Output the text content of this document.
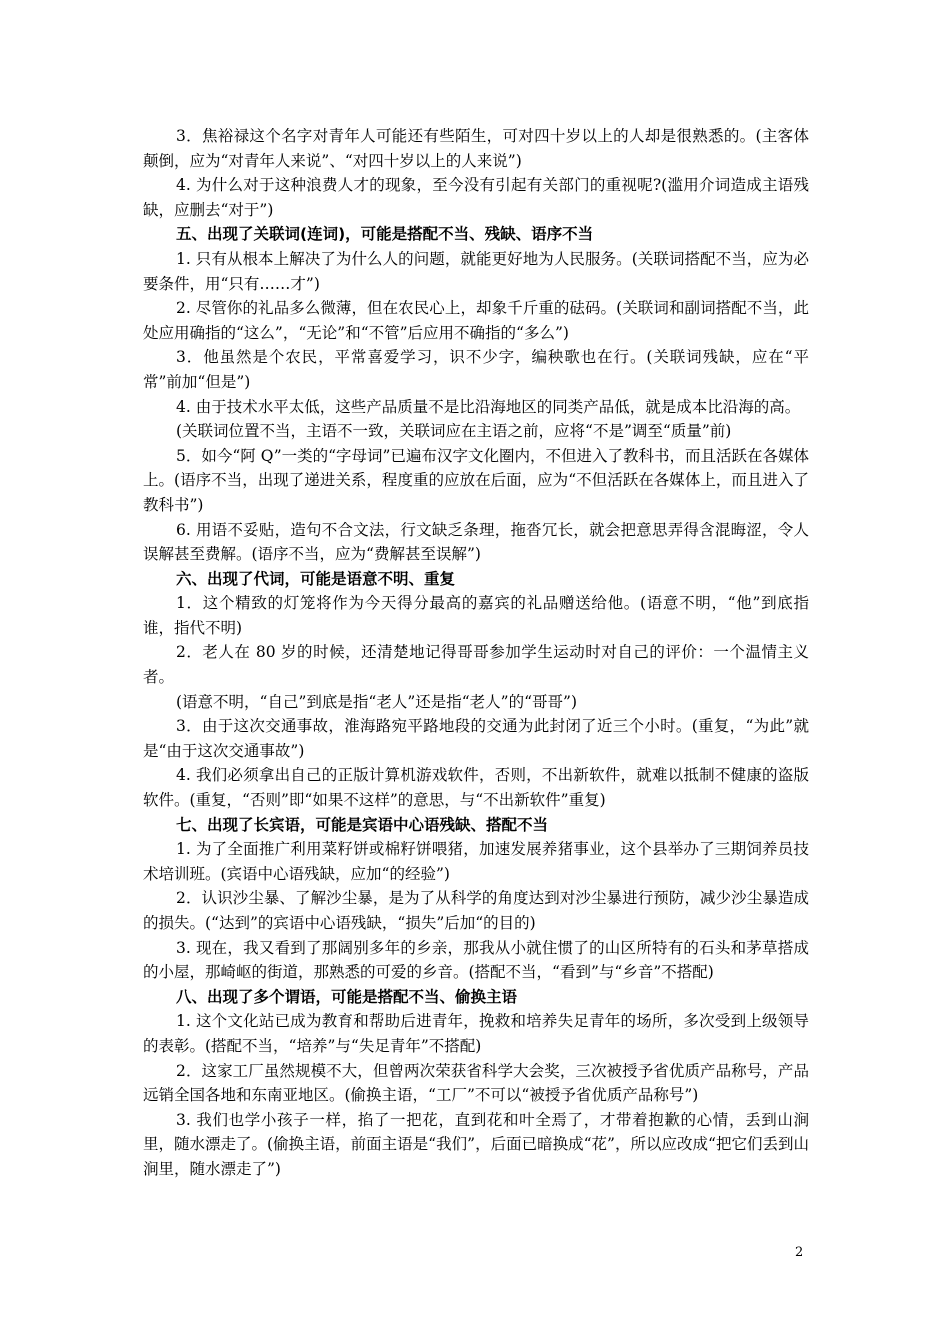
3．焦裕禄这个名字对青年人可能还有些陌生，可对四十岁以上的人却是很熟悉的。(主客体颠倒，应为“对青年人来说”、“对四十岁以上的人来说”)

4. 为什么对于这种浪费人才的现象，至今没有引起有关部门的重视呢?(滥用介词造成主语残缺，应删去“对于”)

五、出现了关联词(连词)，可能是搭配不当、残缺、语序不当

1. 只有从根本上解决了为什么人的问题，就能更好地为人民服务。(关联词搭配不当，应为必要条件，用“只有……才”)

2. 尽管你的礼品多么微薄，但在农民心上，却象千斤重的砝码。(关联词和副词搭配不当，此处应用确指的“这么”，“无论”和“不管”后应用不确指的“多么”)

3．他虽然是个农民，平常喜爱学习，识不少字，编秧歌也在行。(关联词残缺，应在“平常”前加“但是”)

4. 由于技术水平太低，这些产品质量不是比沿海地区的同类产品低，就是成本比沿海的高。

(关联词位置不当，主语不一致，关联词应在主语之前，应将“不是”调至“质量”前)

5．如今“阿 Q”一类的“字母词”已遍布汉字文化圈内，不但进入了教科书，而且活跃在各媒体上。(语序不当，出现了递进关系，程度重的应放在后面，应为“不但活跃在各媒体上，而且进入了教科书”)

6. 用语不妥贴，造句不合文法，行文缺乏条理，拖沓冗长，就会把意思弄得含混晦涩，令人误解甚至费解。(语序不当，应为“费解甚至误解”)

六、出现了代词，可能是语意不明、重复

1．这个精致的灯笼将作为今天得分最高的嘉宾的礼品赠送给他。(语意不明，“他”到底指谁，指代不明)

2．老人在 80 岁的时候，还清楚地记得哥哥参加学生运动时对自己的评价：一个温情主义者。

(语意不明，“自己”到底是指“老人”还是指“老人”的“哥哥”)

3．由于这次交通事故，淮海路宛平路地段的交通为此封闭了近三个小时。(重复，“为此”就是“由于这次交通事故”)

4. 我们必须拿出自己的正版计算机游戏软件，否则，不出新软件，就难以抵制不健康的盗版软件。(重复，“否则”即“如果不这样”的意思，与“不出新软件”重复)

七、出现了长宾语，可能是宾语中心语残缺、搭配不当

1. 为了全面推广利用菜籽饼或棉籽饼喂猪，加速发展养猪事业，这个县举办了三期饲养员技术培训班。(宾语中心语残缺，应加“的经验”)

2．认识沙尘暴、了解沙尘暴，是为了从科学的角度达到对沙尘暴进行预防，减少沙尘暴造成的损失。(“达到”的宾语中心语残缺，“损失”后加“的目的)

3. 现在，我又看到了那阔别多年的乡亲，那我从小就住惯了的山区所特有的石头和茅草搭成的小屋，那崎岖的街道，那熟悉的可爱的乡音。(搭配不当，“看到”与“乡音”不搭配)

八、出现了多个谓语，可能是搭配不当、偷换主语

1. 这个文化站已成为教育和帮助后进青年，挽救和培养失足青年的场所，多次受到上级领导的表彰。(搭配不当，“培养”与“失足青年”不搭配)

2．这家工厂虽然规模不大，但曾两次荣获省科学大会奖，三次被授予省优质产品称号，产品远销全国各地和东南亚地区。(偷换主语，“工厂”不可以“被授予省优质产品称号”)

3. 我们也学小孩子一样，掐了一把花，直到花和叶全焉了，才带着抱歉的心情，丢到山涧里，随水漂走了。(偷换主语，前面主语是“我们”，后面已暗换成“花”，所以应改成“把它们丢到山涧里，随水漂走了”)

2
